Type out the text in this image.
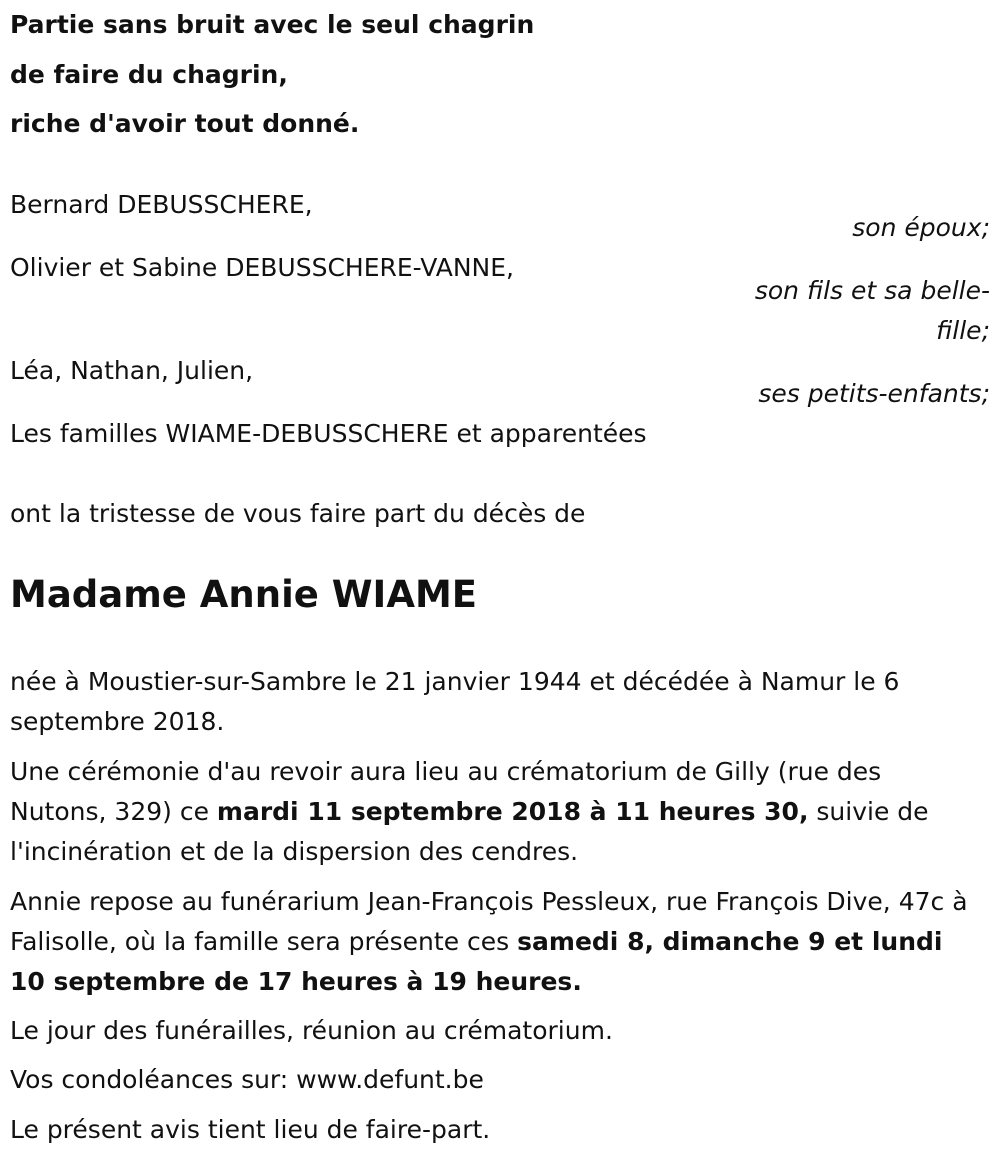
Partie sans bruit avec le seul chagrin
de faire du chagrin,
riche d'avoir tout donné.
Bernard DEBUSSCHERE,
son époux;
Olivier et Sabine DEBUSSCHERE-VANNE,
son fils et sa belle-
fille;
Léa, Nathan, Julien,
ses petits-enfants;
Les familles WIAME-DEBUSSCHERE et apparentées
ont la tristesse de vous faire part du décès de
Madame Annie WIAME
née à Moustier-sur-Sambre le 21 janvier 1944 et décédée à Namur le 6 septembre 2018.
Une cérémonie d'au revoir aura lieu au crématorium de Gilly (rue des Nutons, 329) ce mardi 11 septembre 2018 à 11 heures 30, suivie de l'incinération et de la dispersion des cendres.
Annie repose au funérarium Jean-François Pessleux, rue François Dive, 47c à Falisolle, où la famille sera présente ces samedi 8, dimanche 9 et lundi 10 septembre de 17 heures à 19 heures.
Le jour des funérailles, réunion au crématorium.
Vos condoléances sur: www.defunt.be
Le présent avis tient lieu de faire-part.
